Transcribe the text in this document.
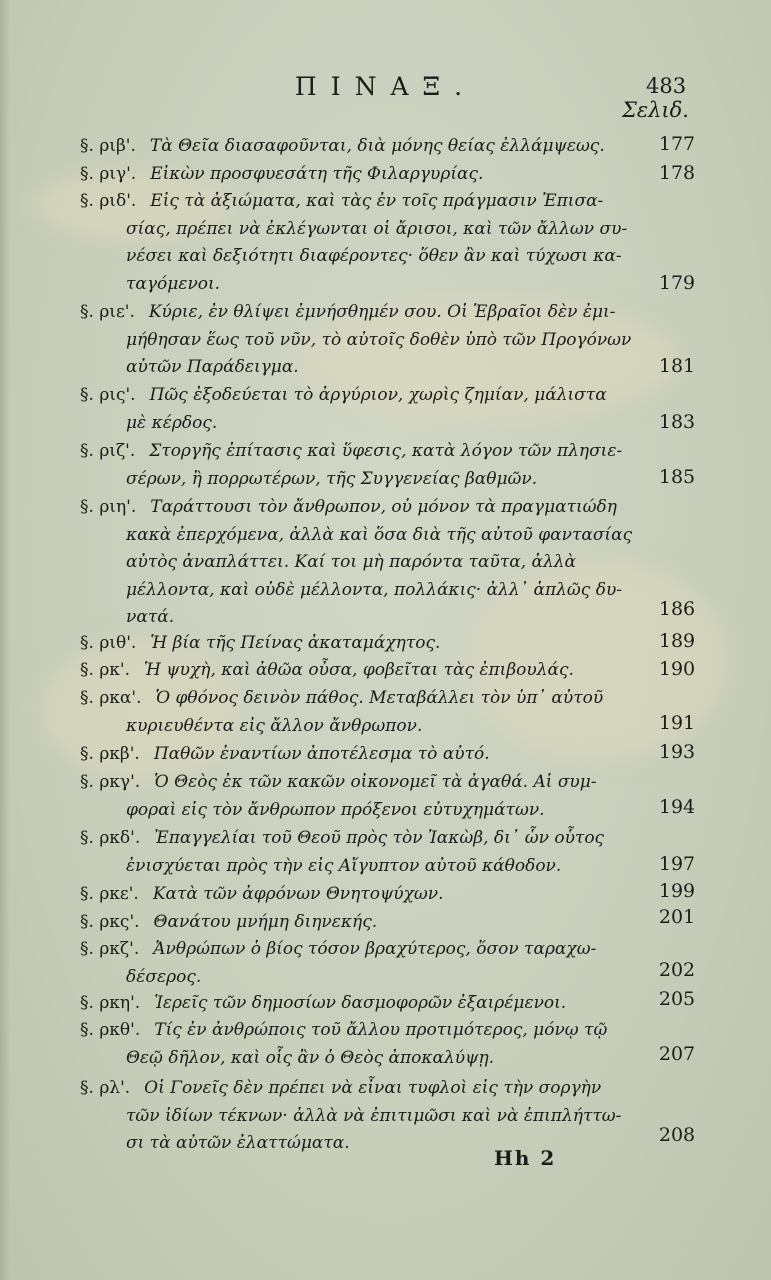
ΠΙΝΑΞ.	483
Σελιδ.
§. ριβ'. Τὰ Θεῖα διασαφοῦνται, διὰ μόνης θείας ἐλλάμψεως.	177
§. ριγ'. Εἰκὼν προσφυεσάτη τῆς Φιλαργυρίας.	178
§. ριδ'. Εἰς τὰ ἀξιώματα, καὶ τὰς ἐν τοῖς πράγμασιν Ἐπισα-
σίας, πρέπει νὰ ἐκλέγωνται οἱ ἄρισοι, καὶ τῶν ἄλλων συ-
νέσει καὶ δεξιότητι διαφέροντες· ὅθεν ἂν καὶ τύχωσι κα-
ταγόμενοι.	179
§. ριε'. Κύριε, ἐν θλίψει ἐμνήσθημέν σου. Οἱ Ἑβραῖοι δὲν ἐμι-
μήθησαν ἕως τοῦ νῦν, τὸ αὐτοῖς δοθὲν ὑπὸ τῶν Προγόνων
αὐτῶν Παράδειγμα.	181
§. ρις'. Πῶς ἐξοδεύεται τὸ ἀργύριον, χωρὶς ζημίαν, μάλιστα
μὲ κέρδος.	183
§. ριζ'. Στοργῆς ἐπίτασις καὶ ὕφεσις, κατὰ λόγον τῶν πλησιε-
σέρων, ἢ πορρωτέρων, τῆς Συγγενείας βαθμῶν.	185
§. ριη'. Ταράττουσι τὸν ἄνθρωπον, οὐ μόνον τὰ πραγματιώδη
κακὰ ἐπερχόμενα, ἀλλὰ καὶ ὅσα διὰ τῆς αὐτοῦ φαντασίας
αὐτὸς ἀναπλάττει. Καί τοι μὴ παρόντα ταῦτα, ἀλλὰ
μέλλοντα, καὶ οὐδὲ μέλλοντα, πολλάκις· ἀλλ᾽ ἁπλῶς δυ-
νατά.	186
§. ριθ'. Ἡ βία τῆς Πείνας ἀκαταμάχητος.	189
§. ρκ'. Ἡ ψυχὴ, καὶ ἀθῶα οὖσα, φοβεῖται τὰς ἐπιβουλάς.	190
§. ρκα'. Ὁ φθόνος δεινὸν πάθος. Μεταβάλλει τὸν ὑπ᾽ αὐτοῦ
κυριευθέντα εἰς ἄλλον ἄνθρωπον.	191
§. ρκβ'. Παθῶν ἐναντίων ἀποτέλεσμα τὸ αὐτό.	193
§. ρκγ'. Ὁ Θεὸς ἐκ τῶν κακῶν οἰκονομεῖ τὰ ἀγαθά. Αἱ συμ-
φοραὶ εἰς τὸν ἄνθρωπον πρόξενοι εὐτυχημάτων.	194
§. ρκδ'. Ἐπαγγελίαι τοῦ Θεοῦ πρὸς τὸν Ἰακὼβ, δι᾽ ὧν οὗτος
ἐνισχύεται πρὸς τὴν εἰς Αἴγυπτον αὐτοῦ κάθοδον.	197
§. ρκε'. Κατὰ τῶν ἀφρόνων Θνητοψύχων.	199
§. ρκς'. Θανάτου μνήμη διηνεκής.	201
§. ρκζ'. Ἀνθρώπων ὁ βίος τόσον βραχύτερος, ὅσον ταραχω-
δέσερος.	202
§. ρκη'. Ἱερεῖς τῶν δημοσίων δασμοφορῶν ἐξαιρέμενοι.	205
§. ρκθ'. Τίς ἐν ἀνθρώποις τοῦ ἄλλου προτιμότερος, μόνῳ τῷ
Θεῷ δῆλον, καὶ οἷς ἂν ὁ Θεὸς ἀποκαλύψῃ.	207
§. ρλ'. Οἱ Γονεῖς δὲν πρέπει νὰ εἶναι τυφλοὶ εἰς τὴν σοργὴν
τῶν ἰδίων τέκνων· ἀλλὰ νὰ ἐπιτιμῶσι καὶ νὰ ἐπιπλήττω-
σι τὰ αὐτῶν ἐλαττώματα.	208
Hh 2
